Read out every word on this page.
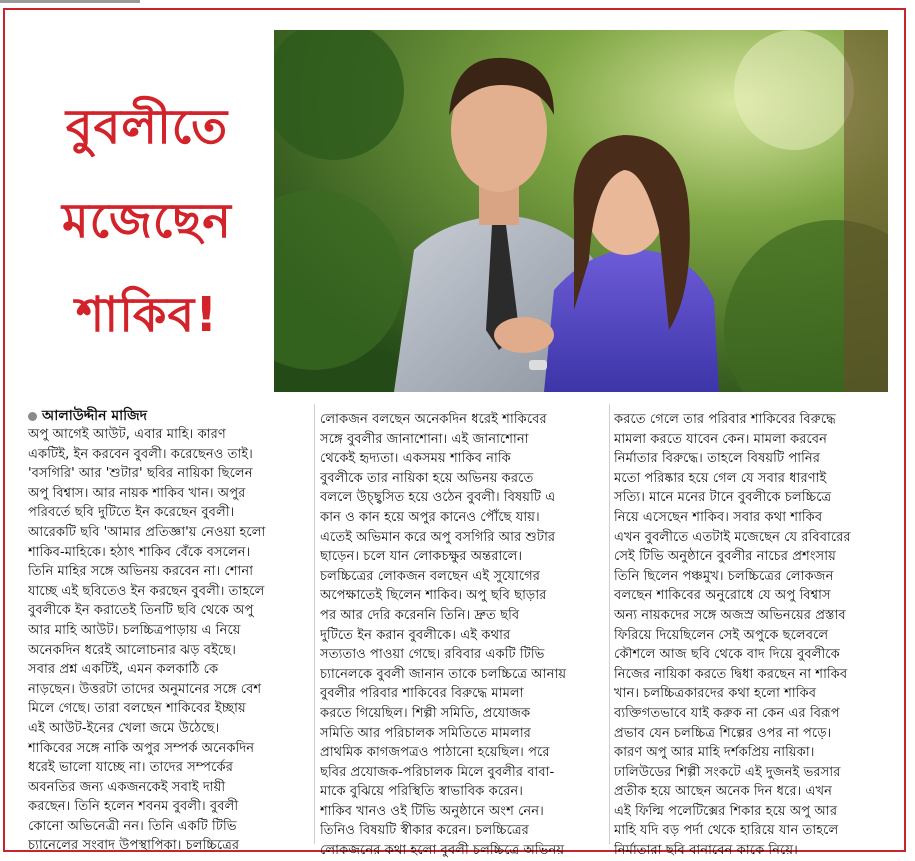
বুবলীতে
মজেছেন
শাকিব!
আলাউদ্দীন মাজিদ
অপু আগেই আউট, এবার মাহি। কারণ
একটিই, ইন করবেন বুবলী। করেছেনও তাই।
'বসগিরি' আর 'শুটার' ছবির নায়িকা ছিলেন
অপু বিশ্বাস। আর নায়ক শাকিব খান। অপুর
পরিবর্তে ছবি দুটিতে ইন করেছেন বুবলী।
আরেকটি ছবি 'আমার প্রতিজ্ঞা'য় নেওয়া হলো
শাকিব-মাহিকে। হঠাৎ শাকিব বেঁকে বসলেন।
তিনি মাহির সঙ্গে অভিনয় করবেন না। শোনা
যাচ্ছে এই ছবিতেও ইন করছেন বুবলী। তাহলে
বুবলীকে ইন করাতেই তিনটি ছবি থেকে অপু
আর মাহি আউট। চলচ্চিত্রপাড়ায় এ নিয়ে
অনেকদিন ধরেই আলোচনার ঝড় বইছে।
সবার প্রশ্ন একটিই, এমন কলকাঠি কে
নাড়ছেন। উত্তরটা তাদের অনুমানের সঙ্গে বেশ
মিলে গেছে। তারা বলছেন শাকিবের ইচ্ছায়
এই আউট-ইনের খেলা জমে উঠেছে।
শাকিবের সঙ্গে নাকি অপুর সম্পর্ক অনেকদিন
ধরেই ভালো যাচ্ছে না। তাদের সম্পর্কের
অবনতির জন্য একজনকেই সবাই দায়ী
করছেন। তিনি হলেন শবনম বুবলী। বুবলী
কোনো অভিনেত্রী নন। তিনি একটি টিভি
চ্যানেলের সংবাদ উপস্থাপিকা। চলচ্চিত্রের
লোকজন বলছেন অনেকদিন ধরেই শাকিবের
সঙ্গে বুবলীর জানাশোনা। এই জানাশোনা
থেকেই হৃদ্যতা। একসময় শাকিব নাকি
বুবলীকে তার নায়িকা হয়ে অভিনয় করতে
বললে উচ্ছ্বসিত হয়ে ওঠেন বুবলী। বিষয়টি এ
কান ও কান হয়ে অপুর কানেও পৌঁছে যায়।
এতেই অভিমান করে অপু বসগিরি আর শুটার
ছাড়েন। চলে যান লোকচক্ষুর অন্তরালে।
চলচ্চিত্রের লোকজন বলছেন এই সুযোগের
অপেক্ষাতেই ছিলেন শাকিব। অপু ছবি ছাড়ার
পর আর দেরি করেননি তিনি। দ্রুত ছবি
দুটিতে ইন করান বুবলীকে। এই কথার
সত্যতাও পাওয়া গেছে। রবিবার একটি টিভি
চ্যানেলকে বুবলী জানান তাকে চলচ্চিত্রে আনায়
বুবলীর পরিবার শাকিবের বিরুদ্ধে মামলা
করতে গিয়েছিল। শিল্পী সমিতি, প্রযোজক
সমিতি আর পরিচালক সমিতিতে মামলার
প্রাথমিক কাগজপত্রও পাঠানো হয়েছিল। পরে
ছবির প্রযোজক-পরিচালক মিলে বুবলীর বাবা-
মাকে বুঝিয়ে পরিস্থিতি স্বাভাবিক করেন।
শাকিব খানও ওই টিভি অনুষ্ঠানে অংশ নেন।
তিনিও বিষয়টি স্বীকার করেন। চলচ্চিত্রের
লোকজনের কথা হলো বুবলী চলচ্চিত্রে অভিনয়
করতে গেলে তার পরিবার শাকিবের বিরুদ্ধে
মামলা করতে যাবেন কেন। মামলা করবেন
নির্মাতার বিরুদ্ধে। তাহলে বিষয়টি পানির
মতো পরিষ্কার হয়ে গেল যে সবার ধারণাই
সত্যি। মানে মনের টানে বুবলীকে চলচ্চিত্রে
নিয়ে এসেছেন শাকিব। সবার কথা শাকিব
এখন বুবলীতে এতটাই মজেছেন যে রবিবারের
সেই টিভি অনুষ্ঠানে বুবলীর নাচের প্রশংসায়
তিনি ছিলেন পঞ্চমুখ। চলচ্চিত্রের লোকজন
বলছেন শাকিবের অনুরোধে যে অপু বিশ্বাস
অন্য নায়কদের সঙ্গে অজস্র অভিনয়ের প্রস্তাব
ফিরিয়ে দিয়েছিলেন সেই অপুকে ছলেবলে
কৌশলে আজ ছবি থেকে বাদ দিয়ে বুবলীকে
নিজের নায়িকা করতে দ্বিধা করছেন না শাকিব
খান। চলচ্চিত্রকারদের কথা হলো শাকিব
ব্যক্তিগতভাবে যাই করুক না কেন এর বিরূপ
প্রভাব যেন চলচ্চিত্র শিল্পের ওপর না পড়ে।
কারণ অপু আর মাহি দর্শকপ্রিয় নায়িকা।
ঢালিউডের শিল্পী সংকটে এই দুজনই ভরসার
প্রতীক হয়ে আছেন অনেক দিন ধরে। এখন
এই ফিল্মি পলেটিক্সের শিকার হয়ে অপু আর
মাহি যদি বড় পর্দা থেকে হারিয়ে যান তাহলে
নির্মাতারা ছবি বানাবেন কাকে নিয়ে।
